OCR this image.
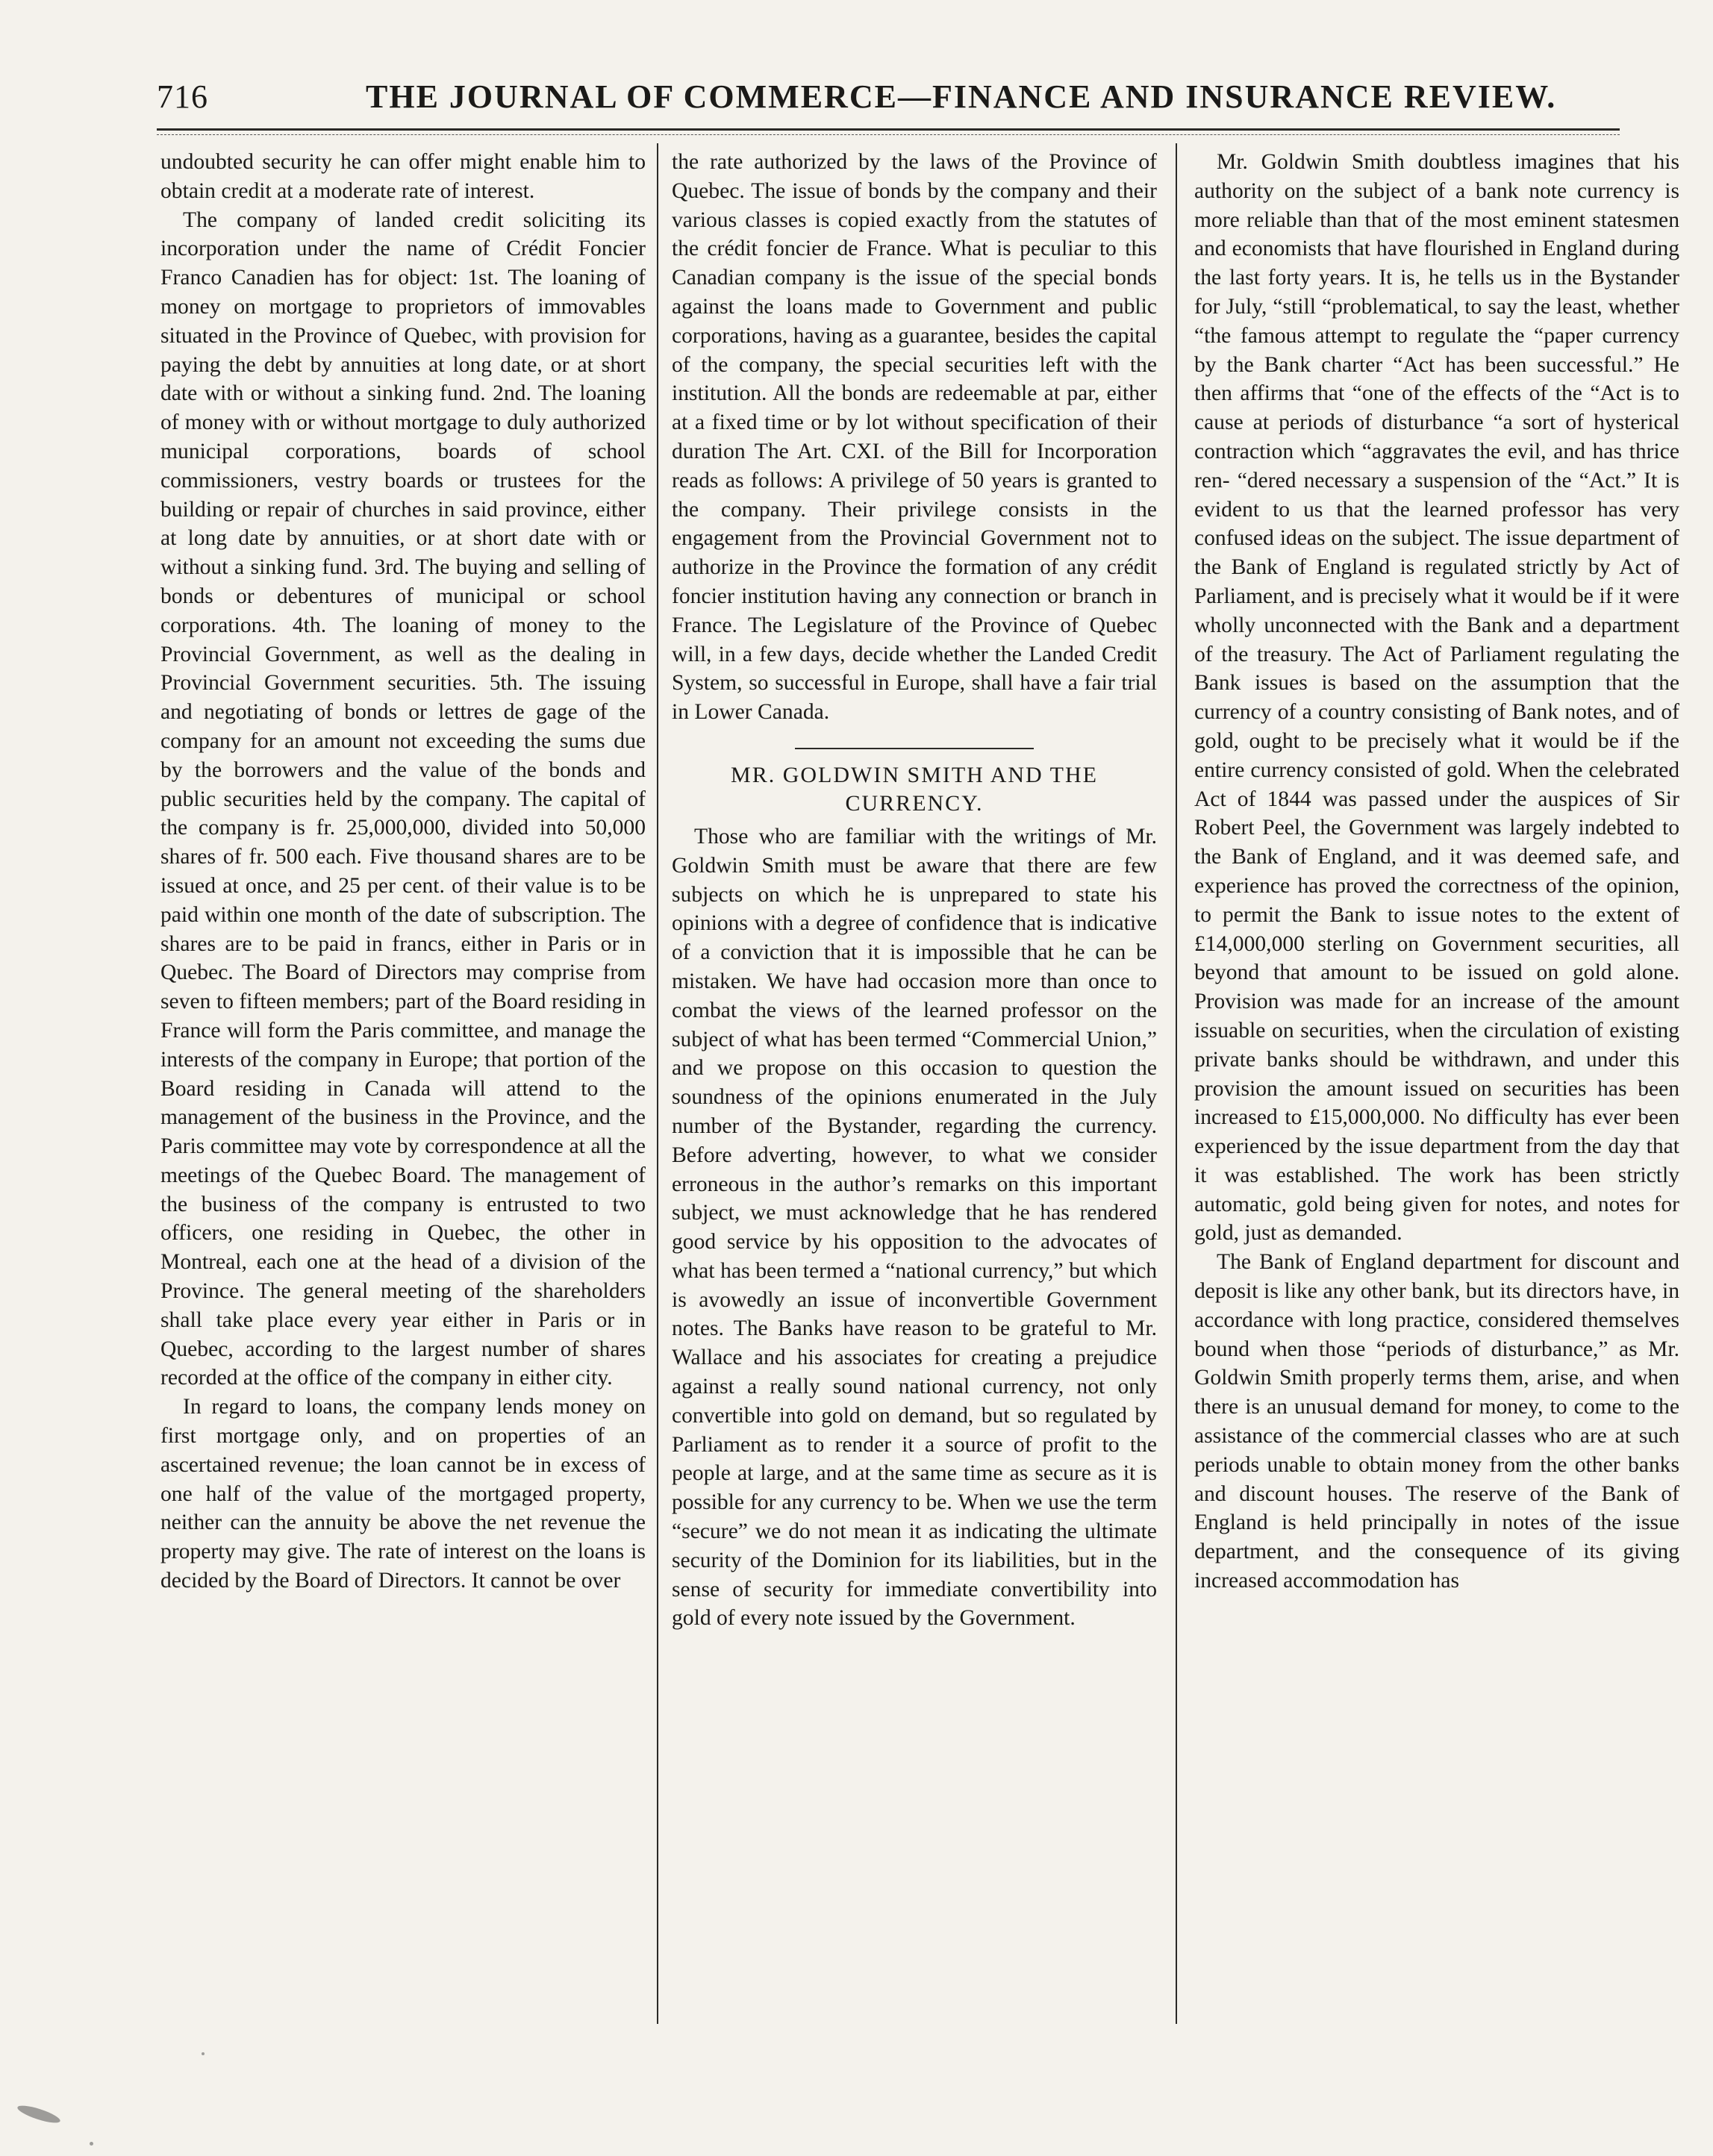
716	THE JOURNAL OF COMMERCE—FINANCE AND INSURANCE REVIEW.

undoubted security he can offer might enable him to obtain credit at a moderate rate of interest.

The company of landed credit soliciting its incorporation under the name of Crédit Foncier Franco Canadien has for object: 1st. The loaning of money on mortgage to proprietors of immovables situated in the Province of Quebec, with provision for paying the debt by annuities at long date, or at short date with or without a sinking fund. 2nd. The loaning of money with or without mortgage to duly authorized municipal corporations, boards of school commissioners, vestry boards or trustees for the building or repair of churches in said province, either at long date by annuities, or at short date with or without a sinking fund. 3rd. The buying and selling of bonds or debentures of municipal or school corporations. 4th. The loaning of money to the Provincial Government, as well as the dealing in Provincial Government securities. 5th. The issuing and negotiating of bonds or lettres de gage of the company for an amount not exceeding the sums due by the borrowers and the value of the bonds and public securities held by the company. The capital of the company is fr. 25,000,000, divided into 50,000 shares of fr. 500 each. Five thousand shares are to be issued at once, and 25 per cent. of their value is to be paid within one month of the date of subscription. The shares are to be paid in francs, either in Paris or in Quebec. The Board of Directors may comprise from seven to fifteen members; part of the Board residing in France will form the Paris committee, and manage the interests of the company in Europe; that portion of the Board residing in Canada will attend to the management of the business in the Province, and the Paris committee may vote by correspondence at all the meetings of the Quebec Board. The management of the business of the company is entrusted to two officers, one residing in Quebec, the other in Montreal, each one at the head of a division of the Province. The general meeting of the shareholders shall take place every year either in Paris or in Quebec, according to the largest number of shares recorded at the office of the company in either city.

In regard to loans, the company lends money on first mortgage only, and on properties of an ascertained revenue; the loan cannot be in excess of one half of the value of the mortgaged property, neither can the annuity be above the net revenue the property may give. The rate of interest on the loans is decided by the Board of Directors. It cannot be over

the rate authorized by the laws of the Province of Quebec. The issue of bonds by the company and their various classes is copied exactly from the statutes of the crédit foncier de France. What is peculiar to this Canadian company is the issue of the special bonds against the loans made to Government and public corporations, having as a guarantee, besides the capital of the company, the special securities left with the institution. All the bonds are redeemable at par, either at a fixed time or by lot without specification of their duration The Art. CXI. of the Bill for Incorporation reads as follows: A privilege of 50 years is granted to the company. Their privilege consists in the engagement from the Provincial Government not to authorize in the Province the formation of any crédit foncier institution having any connection or branch in France. The Legislature of the Province of Quebec will, in a few days, decide whether the Landed Credit System, so successful in Europe, shall have a fair trial in Lower Canada.

MR. GOLDWIN SMITH AND THE CURRENCY.

Those who are familiar with the writings of Mr. Goldwin Smith must be aware that there are few subjects on which he is unprepared to state his opinions with a degree of confidence that is indicative of a conviction that it is impossible that he can be mistaken. We have had occasion more than once to combat the views of the learned professor on the subject of what has been termed “Commercial Union,” and we propose on this occasion to question the soundness of the opinions enumerated in the July number of the Bystander, regarding the currency. Before adverting, however, to what we consider erroneous in the author’s remarks on this important subject, we must acknowledge that he has rendered good service by his opposition to the advocates of what has been termed a “national currency,” but which is avowedly an issue of inconvertible Government notes. The Banks have reason to be grateful to Mr. Wallace and his associates for creating a prejudice against a really sound national currency, not only convertible into gold on demand, but so regulated by Parliament as to render it a source of profit to the people at large, and at the same time as secure as it is possible for any currency to be. When we use the term “secure” we do not mean it as indicating the ultimate security of the Dominion for its liabilities, but in the sense of security for immediate convertibility into gold of every note issued by the Government.

Mr. Goldwin Smith doubtless imagines that his authority on the subject of a bank note currency is more reliable than that of the most eminent statesmen and economists that have flourished in England during the last forty years. It is, he tells us in the Bystander for July, “still “problematical, to say the least, whether “the famous attempt to regulate the “paper currency by the Bank charter “Act has been successful.” He then affirms that “one of the effects of the “Act is to cause at periods of disturbance “a sort of hysterical contraction which “aggravates the evil, and has thrice ren- “dered necessary a suspension of the “Act.” It is evident to us that the learned professor has very confused ideas on the subject. The issue department of the Bank of England is regulated strictly by Act of Parliament, and is precisely what it would be if it were wholly unconnected with the Bank and a department of the treasury. The Act of Parliament regulating the Bank issues is based on the assumption that the currency of a country consisting of Bank notes, and of gold, ought to be precisely what it would be if the entire currency consisted of gold. When the celebrated Act of 1844 was passed under the auspices of Sir Robert Peel, the Government was largely indebted to the Bank of England, and it was deemed safe, and experience has proved the correctness of the opinion, to permit the Bank to issue notes to the extent of £14,000,000 sterling on Government securities, all beyond that amount to be issued on gold alone. Provision was made for an increase of the amount issuable on securities, when the circulation of existing private banks should be withdrawn, and under this provision the amount issued on securities has been increased to £15,000,000. No difficulty has ever been experienced by the issue department from the day that it was established. The work has been strictly automatic, gold being given for notes, and notes for gold, just as demanded.

The Bank of England department for discount and deposit is like any other bank, but its directors have, in accordance with long practice, considered themselves bound when those “periods of disturbance,” as Mr. Goldwin Smith properly terms them, arise, and when there is an unusual demand for money, to come to the assistance of the commercial classes who are at such periods unable to obtain money from the other banks and discount houses. The reserve of the Bank of England is held principally in notes of the issue department, and the consequence of its giving increased accommodation has
